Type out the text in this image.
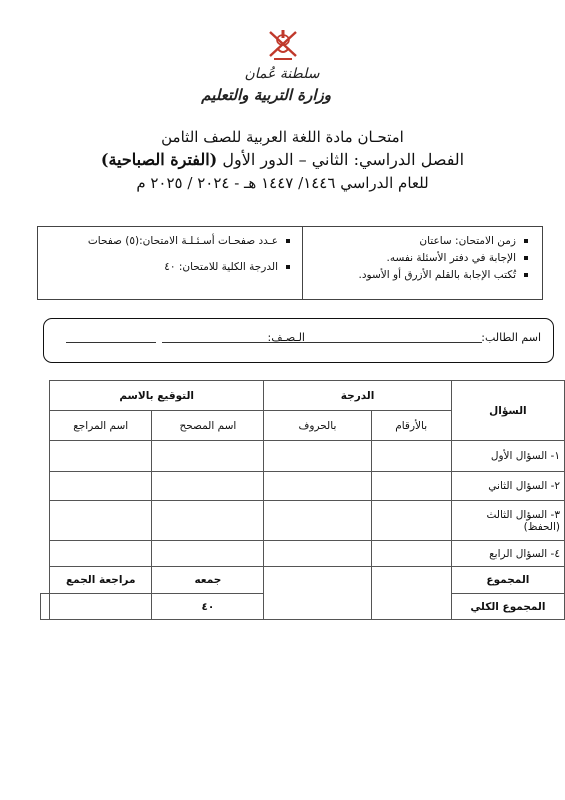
سلطنة عُمان
وزارة التربية والتعليم
امتحـان مادة اللغة العربية للصف الثامن
الفصل الدراسي: الثاني – الدور الأول (الفترة الصباحية)
للعام الدراسي ١٤٤٦/ ١٤٤٧ هـ - ٢٠٢٤ / ٢٠٢٥ م
زمن الامتحان: ساعتان
الإجابة في دفتر الأسئلة نفسه.
تُكتب الإجابة بالقلم الأزرق أو الأسود.
عـدد صفحـات أسـئـلـة الامتحان:(٥) صفحات
الدرجة الكلية للامتحان: ٤٠
اسم الطالب:
الـصـف:
السؤال	الدرجة		التوقيع بالاسم		
	بالأرقام	بالحروف	اسم المصحح	اسم المراجع	
١- السؤال الأول					
٢- السؤال الثاني					
٣- السؤال الثالث (الحفظ)					
٤- السؤال الرابع					
المجموع			جمعه	مراجعة الجمع	
المجموع الكلي			٤٠		
